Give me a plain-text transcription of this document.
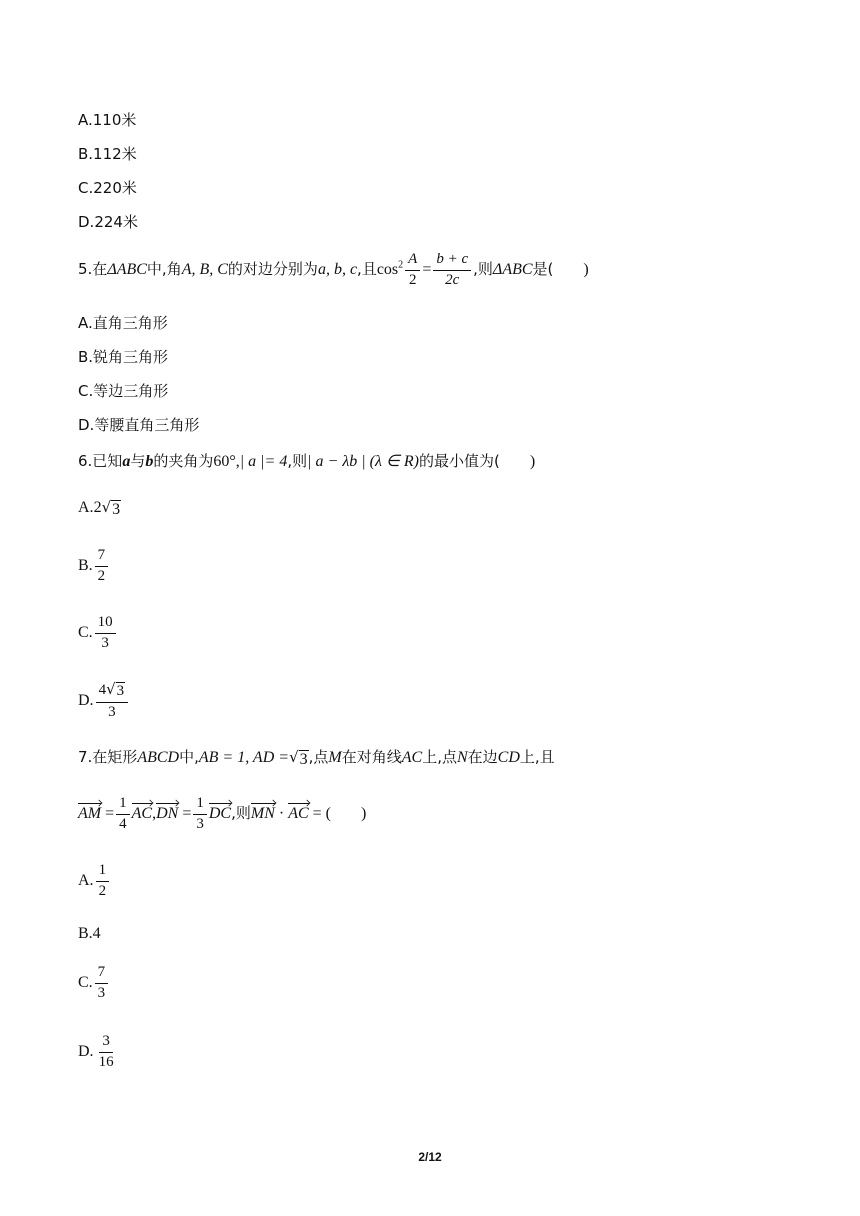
A.110米
B.112米
C.220米
D.224米
5.在ΔABC中,角A, B, C的对边分别为a, b, c,且$\cos^2 \frac{A}{2} = \frac{b + c}{2c}$ ,则ΔABC是( )
A.直角三角形
B.锐角三角形
C.等边三角形
D.等腰直角三角形
6.已知a与b的夹角为60°,| a |= 4,则| a − λb | (λ ∈ R)的最小值为( )
A.2 √ 3
B. $\frac{7}{2}$
C. $\frac{10}{3}$
D. $\frac{4 √ 3}{3}$
7.在矩形ABCD中,AB = 1, AD = √ 3 ,点M在对角线AC上,点N在边CD上,且
AM = $\frac{1}{4} AC,DN = \frac{1}{3}$ DC,则MN · AC = ( )
A. $\frac{1}{2}$
B.4
C. $\frac{7}{3}$
D. $\frac{3}{16}$
2/12
